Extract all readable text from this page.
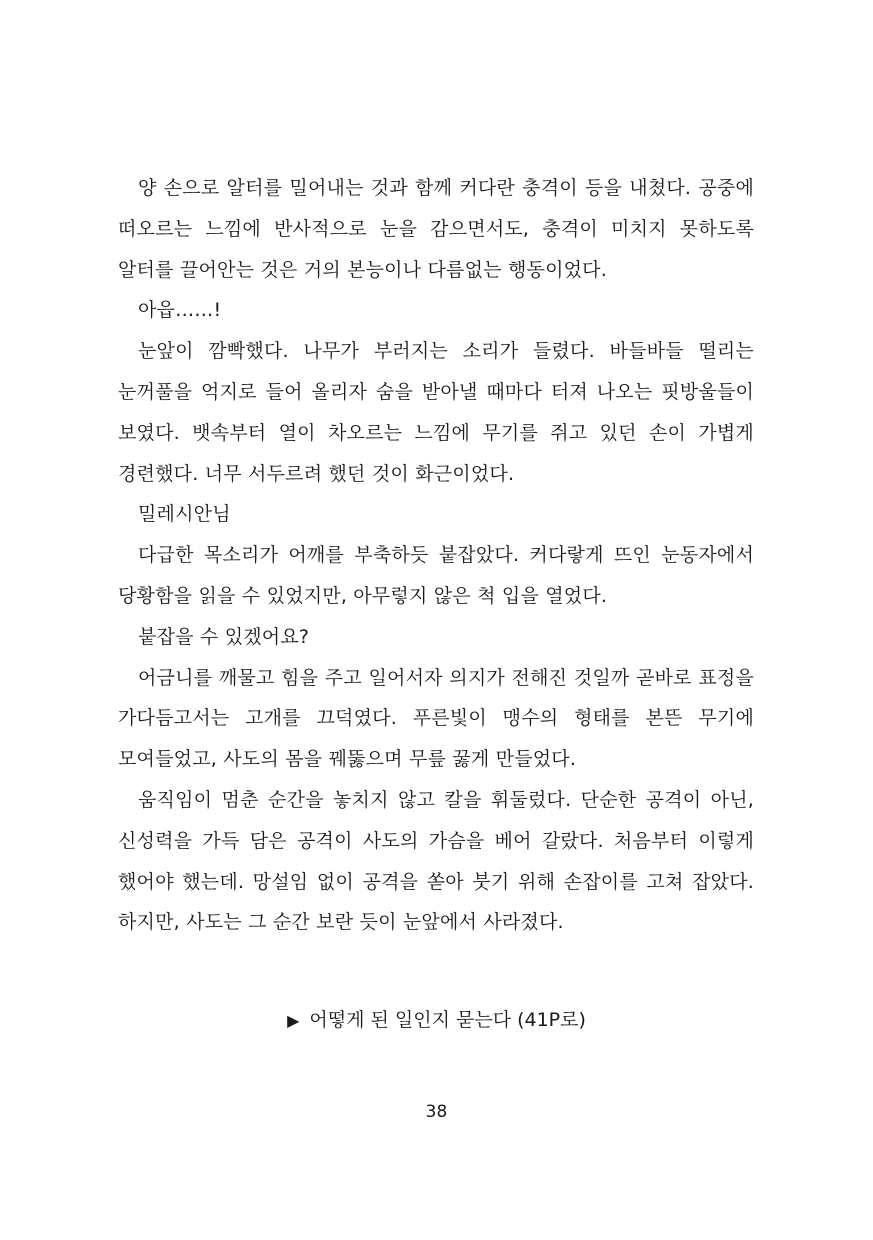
양 손으로 알터를 밀어내는 것과 함께 커다란 충격이 등을 내쳤다. 공중에 떠오르는 느낌에 반사적으로 눈을 감으면서도, 충격이 미치지 못하도록 알터를 끌어안는 것은 거의 본능이나 다름없는 행동이었다.

아읍……!

눈앞이 깜빡했다. 나무가 부러지는 소리가 들렸다. 바들바들 떨리는 눈꺼풀을 억지로 들어 올리자 숨을 받아낼 때마다 터져 나오는 핏방울들이 보였다. 뱃속부터 열이 차오르는 느낌에 무기를 쥐고 있던 손이 가볍게 경련했다. 너무 서두르려 했던 것이 화근이었다.

밀레시안님

다급한 목소리가 어깨를 부축하듯 붙잡았다. 커다랗게 뜨인 눈동자에서 당황함을 읽을 수 있었지만, 아무렇지 않은 척 입을 열었다.

붙잡을 수 있겠어요?

어금니를 깨물고 힘을 주고 일어서자 의지가 전해진 것일까 곧바로 표정을 가다듬고서는 고개를 끄덕였다. 푸른빛이 맹수의 형태를 본뜬 무기에 모여들었고, 사도의 몸을 꿰뚫으며 무릎 꿇게 만들었다.

움직임이 멈춘 순간을 놓치지 않고 칼을 휘둘렀다. 단순한 공격이 아닌, 신성력을 가득 담은 공격이 사도의 가슴을 베어 갈랐다. 처음부터 이렇게 했어야 했는데. 망설임 없이 공격을 쏟아 붓기 위해 손잡이를 고쳐 잡았다. 하지만, 사도는 그 순간 보란 듯이 눈앞에서 사라졌다.

▶ 어떻게 된 일인지 묻는다 (41P로)
38
